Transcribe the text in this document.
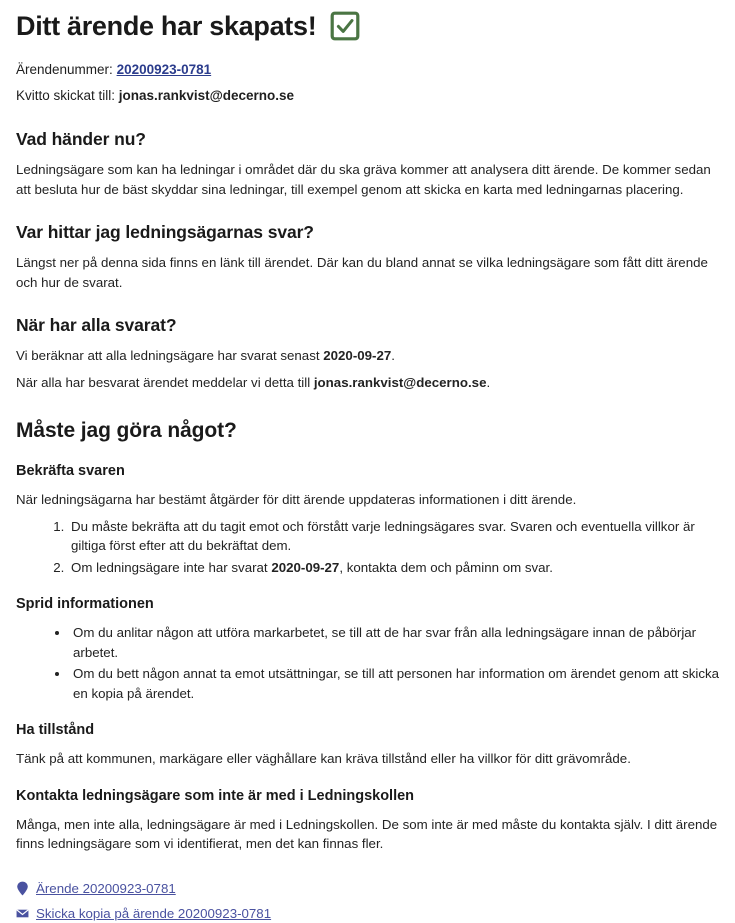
Ditt ärende har skapats!

Ärendenummer: 20200923-0781

Kvitto skickat till: jonas.rankvist@decerno.se

Vad händer nu?

Ledningsägare som kan ha ledningar i området där du ska gräva kommer att analysera ditt ärende. De kommer sedan att besluta hur de bäst skyddar sina ledningar, till exempel genom att skicka en karta med ledningarnas placering.

Var hittar jag ledningsägarnas svar?

Längst ner på denna sida finns en länk till ärendet. Där kan du bland annat se vilka ledningsägare som fått ditt ärende och hur de svarat.

När har alla svarat?

Vi beräknar att alla ledningsägare har svarat senast 2020-09-27.

När alla har besvarat ärendet meddelar vi detta till jonas.rankvist@decerno.se.

Måste jag göra något?
Bekräfta svaren

När ledningsägarna har bestämt åtgärder för ditt ärende uppdateras informationen i ditt ärende.

1. Du måste bekräfta att du tagit emot och förstått varje ledningsägares svar. Svaren och eventuella villkor är giltiga först efter att du bekräftat dem.
2. Om ledningsägare inte har svarat 2020-09-27, kontakta dem och påminn om svar.
Sprid informationen
• Om du anlitar någon att utföra markarbetet, se till att de har svar från alla ledningsägare innan de påbörjar arbetet.
• Om du bett någon annat ta emot utsättningar, se till att personen har information om ärendet genom att skicka en kopia på ärendet.
Ha tillstånd

Tänk på att kommunen, markägare eller väghållare kan kräva tillstånd eller ha villkor för ditt grävområde.

Kontakta ledningsägare som inte är med i Ledningskollen

Många, men inte alla, ledningsägare är med i Ledningskollen. De som inte är med måste du kontakta själv. I ditt ärende finns ledningsägare som vi identifierat, men det kan finnas fler.

Ärende 20200923-0781
Skicka kopia på ärende 20200923-0781
